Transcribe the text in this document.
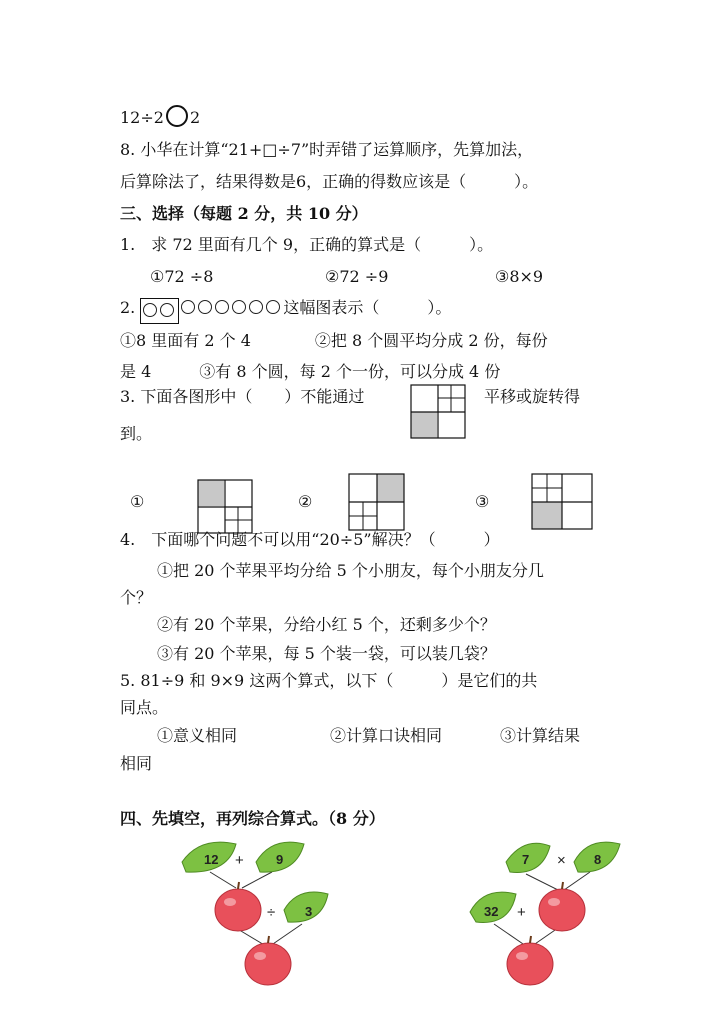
12÷2 2
8. 小华在计算“21+□÷7”时弄错了运算顺序，先算加法，
后算除法了，结果得数是6，正确的得数应该是（　　　）。
三、选择（每题 2 分，共 10 分）
1.　求 72 里面有几个 9，正确的算式是（　　　）。
①72 ÷8	②72 ÷9	③8×9
2.	这幅图表示（　　　）。
①8 里面有 2 个 4　　　　②把 8 个圆平均分成 2 份，每份
是 4　　　③有 8 个圆，每 2 个一份，可以分成 4 份
3. 下面各图形中（　　）不能通过	平移或旋转得
到。
①	②	③
4.　下面哪个问题不可以用“20÷5”解决？（　　　）
①把 20 个苹果平均分给 5 个小朋友，每个小朋友分几
个？
②有 20 个苹果，分给小红 5 个，还剩多少个？
③有 20 个苹果，每 5 个装一袋，可以装几袋？
5. 81÷9 和 9×9 这两个算式，以下（　　　）是它们的共
同点。
①意义相同	②计算口诀相同	③计算结果
相同
四、先填空，再列综合算式。（8 分）
12 + 9
÷ 3
7 × 8
32 +
